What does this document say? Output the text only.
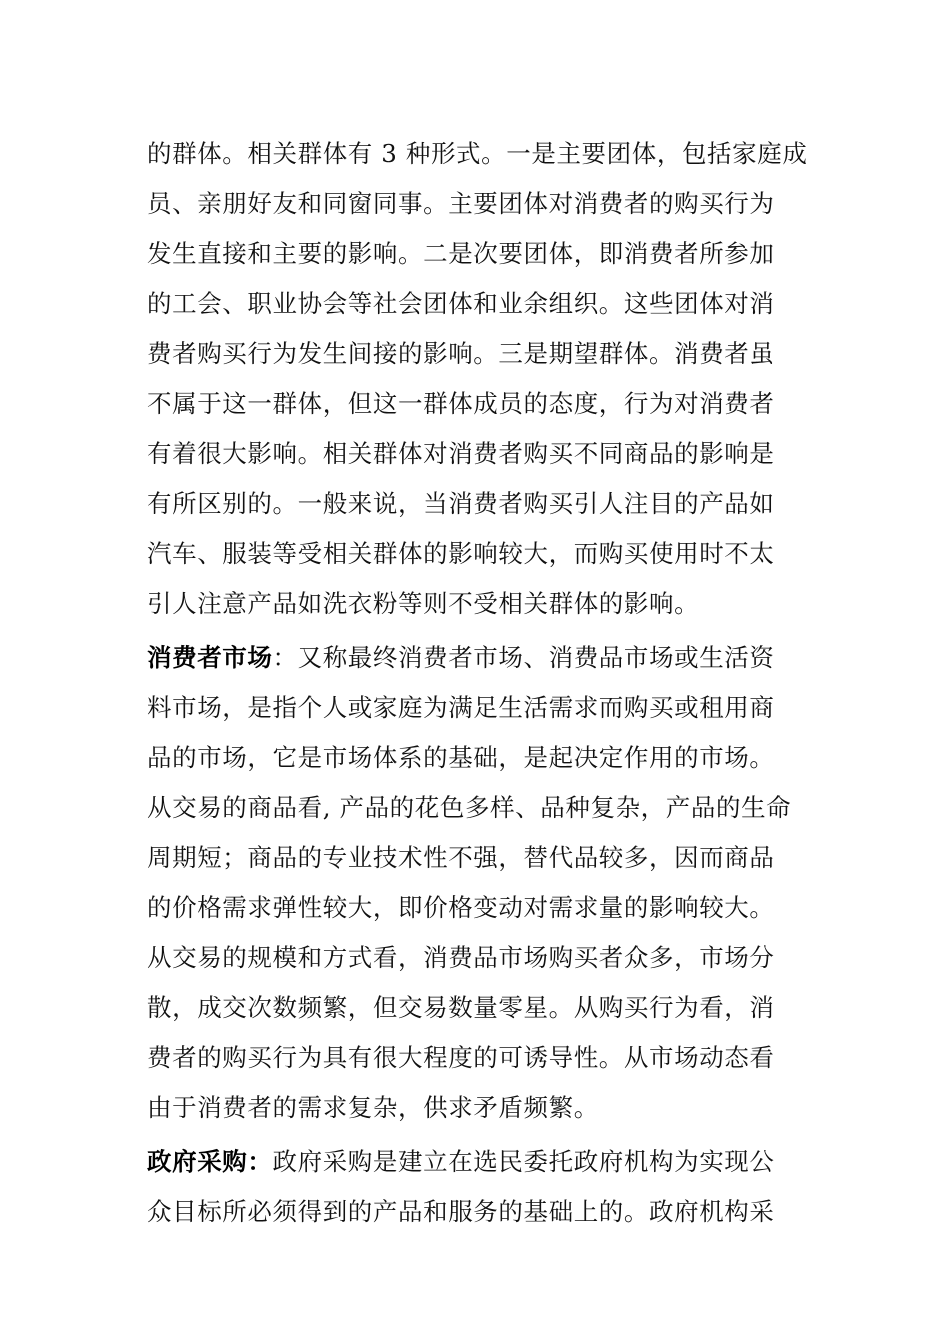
的群体。相关群体有 3 种形式。一是主要团体，包括家庭成
员、亲朋好友和同窗同事。主要团体对消费者的购买行为
发生直接和主要的影响。二是次要团体，即消费者所参加
的工会、职业协会等社会团体和业余组织。这些团体对消
费者购买行为发生间接的影响。三是期望群体。消费者虽
不属于这一群体，但这一群体成员的态度，行为对消费者
有着很大影响。相关群体对消费者购买不同商品的影响是
有所区别的。一般来说，当消费者购买引人注目的产品如
汽车、服装等受相关群体的影响较大，而购买使用时不太
引人注意产品如洗衣粉等则不受相关群体的影响。
消费者市场：又称最终消费者市场、消费品市场或生活资
料市场，是指个人或家庭为满足生活需求而购买或租用商
品的市场，它是市场体系的基础，是起决定作用的市场。
从交易的商品看, 产品的花色多样、品种复杂，产品的生命
周期短；商品的专业技术性不强，替代品较多，因而商品
的价格需求弹性较大，即价格变动对需求量的影响较大。
从交易的规模和方式看，消费品市场购买者众多，市场分
散，成交次数频繁，但交易数量零星。从购买行为看，消
费者的购买行为具有很大程度的可诱导性。从市场动态看
由于消费者的需求复杂，供求矛盾频繁。
政府采购：政府采购是建立在选民委托政府机构为实现公
众目标所必须得到的产品和服务的基础上的。政府机构采
